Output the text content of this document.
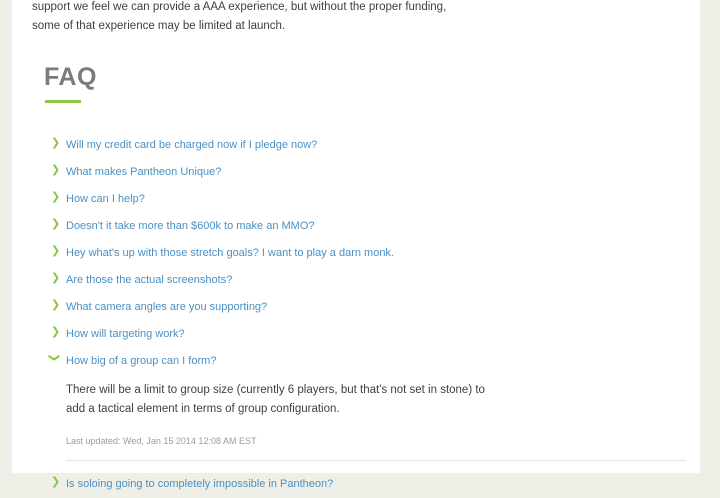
support we feel we can provide a AAA experience, but without the proper funding, some of that experience may be limited at launch.
FAQ
❯ Will my credit card be charged now if I pledge now?
❯ What makes Pantheon Unique?
❯ How can I help?
❯ Doesn't it take more than $600k to make an MMO?
❯ Hey what's up with those stretch goals? I want to play a darn monk.
❯ Are those the actual screenshots?
❯ What camera angles are you supporting?
❯ How will targeting work?
❯ How big of a group can I form?

There will be a limit to group size (currently 6 players, but that's not set in stone) to add a tactical element in terms of group configuration.

Last updated: Wed, Jan 15 2014 12:08 AM EST
❯ Is soloing going to completely impossible in Pantheon?
